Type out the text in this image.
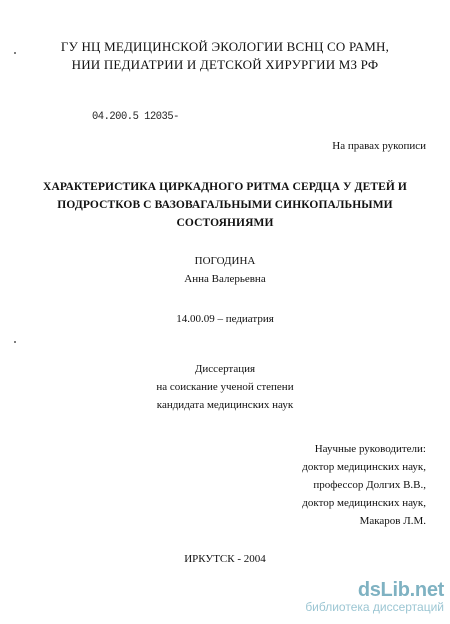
ГУ НЦ МЕДИЦИНСКОЙ ЭКОЛОГИИ ВСНЦ СО РАМН,
НИИ ПЕДИАТРИИ И ДЕТСКОЙ ХИРУРГИИ МЗ РФ
04.200.5 12035-
На правах рукописи
ХАРАКТЕРИСТИКА ЦИРКАДНОГО РИТМА СЕРДЦА У ДЕТЕЙ И
ПОДРОСТКОВ С ВАЗОВАГАЛЬНЫМИ СИНКОПАЛЬНЫМИ
СОСТОЯНИЯМИ
ПОГОДИНА
Анна Валерьевна
14.00.09 – педиатрия
Диссертация
на соискание ученой степени
кандидата медицинских наук
Научные руководители:
доктор медицинских наук,
профессор Долгих В.В.,
доктор медицинских наук,
Макаров Л.М.
ИРКУТСК - 2004
dsLib.net
библиотека диссертаций
